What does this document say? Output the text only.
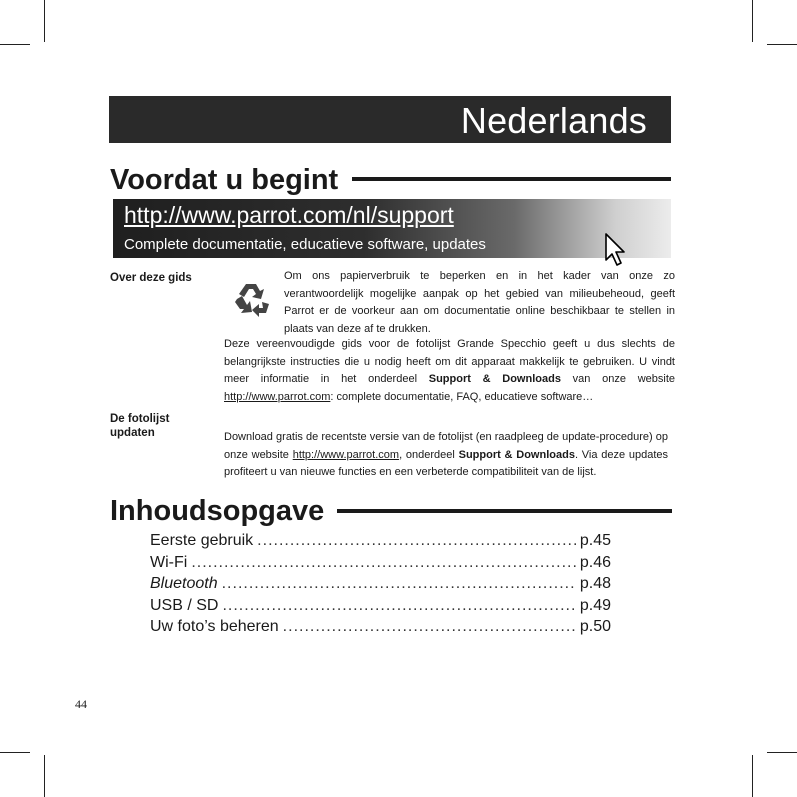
Nederlands
Voordat u begint
http://www.parrot.com/nl/support
Complete documentatie, educatieve software, updates
Over deze gids	Om ons papierverbruik te beperken en in het kader van onze zo verantwoordelijk mogelijke aanpak op het gebied van milieubeheoud, geeft Parrot er de voorkeur aan om documentatie online beschikbaar te stellen in plaats van deze af te drukken.
Deze vereenvoudigde gids voor de fotolijst Grande Specchio geeft u dus slechts de belangrijkste instructies die u nodig heeft om dit apparaat makkelijk te gebruiken. U vindt meer informatie in het onderdeel Support & Downloads van onze website http://www.parrot.com: complete documentatie, FAQ, educatieve software…
De fotolijst updaten	Download gratis de recentste versie van de fotolijst (en raadpleeg de update-procedure) op onze website http://www.parrot.com, onderdeel Support & Downloads. Via deze updates profiteert u van nieuwe functies en een verbeterde compatibiliteit van de lijst.
Inhoudsopgave
Eerste gebruik .....	p.45
Wi-Fi .....	p.46
Bluetooth .....	p.48
USB / SD .....	p.49
Uw foto’s beheren .....	p.50
44
